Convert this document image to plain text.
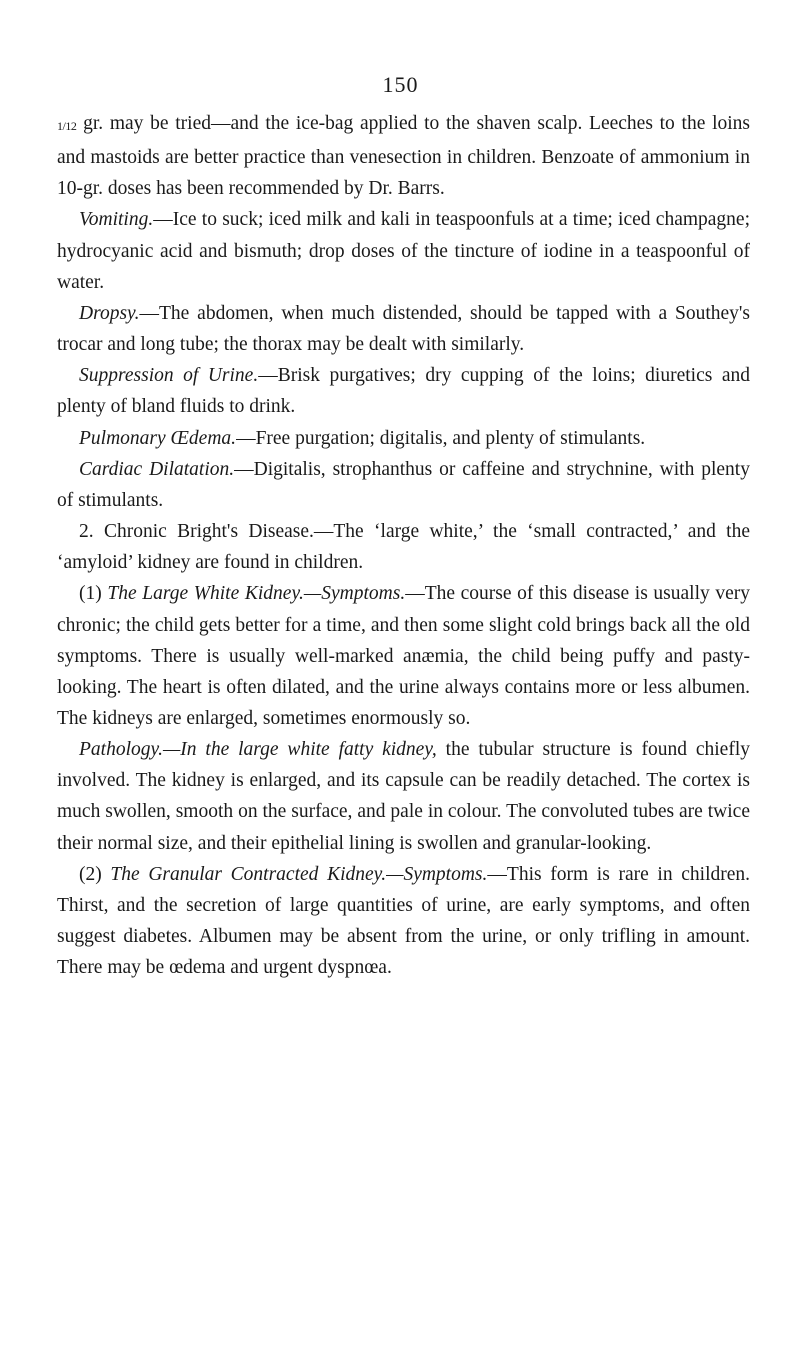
150

1/12 gr. may be tried—and the ice-bag applied to the shaven scalp. Leeches to the loins and mastoids are better practice than venesection in children. Benzoate of ammonium in 10-gr. doses has been recommended by Dr. Barrs.

Vomiting.—Ice to suck; iced milk and kali in teaspoonfuls at a time; iced champagne; hydrocyanic acid and bismuth; drop doses of the tincture of iodine in a teaspoonful of water.

Dropsy.—The abdomen, when much distended, should be tapped with a Southey's trocar and long tube; the thorax may be dealt with similarly.

Suppression of Urine.—Brisk purgatives; dry cupping of the loins; diuretics and plenty of bland fluids to drink.

Pulmonary Œdema.—Free purgation; digitalis, and plenty of stimulants.

Cardiac Dilatation.—Digitalis, strophanthus or caffeine and strychnine, with plenty of stimulants.

2. Chronic Bright's Disease.—The ‘large white,’ the ‘small contracted,’ and the ‘amyloid’ kidney are found in children.

(1) The Large White Kidney.—Symptoms.—The course of this disease is usually very chronic; the child gets better for a time, and then some slight cold brings back all the old symptoms. There is usually well-marked anæmia, the child being puffy and pasty-looking. The heart is often dilated, and the urine always contains more or less albumen. The kidneys are enlarged, sometimes enormously so.

Pathology.—In the large white fatty kidney, the tubular structure is found chiefly involved. The kidney is enlarged, and its capsule can be readily detached. The cortex is much swollen, smooth on the surface, and pale in colour. The convoluted tubes are twice their normal size, and their epithelial lining is swollen and granular-looking.

(2) The Granular Contracted Kidney.—Symptoms.—This form is rare in children. Thirst, and the secretion of large quantities of urine, are early symptoms, and often suggest diabetes. Albumen may be absent from the urine, or only trifling in amount. There may be œdema and urgent dyspnœa.
